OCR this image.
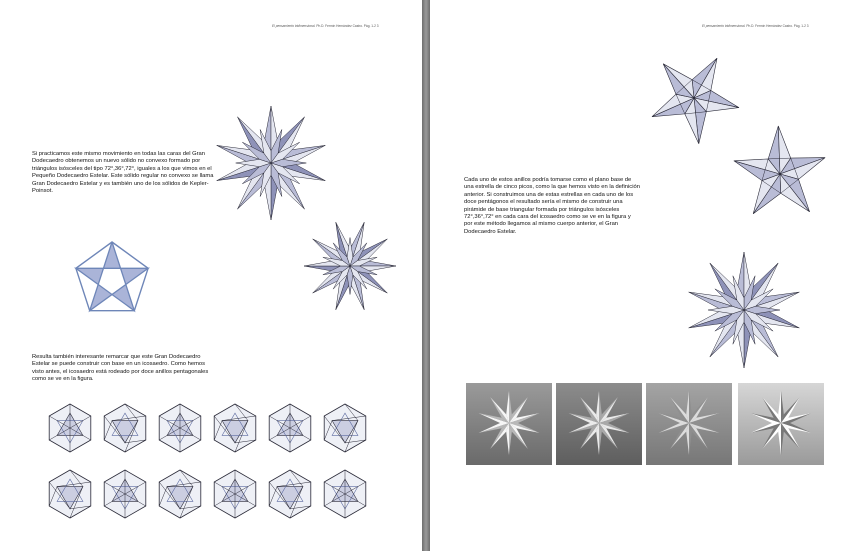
El pensamiento tridimensional. Ph.D. Fermín Hernández Castro. Pág. 1-2 3

Si practicamos este mismo movimiento en todas las caras del Gran Dodecaedro obtenemos un nuevo sólido no convexo formado por triángulos isósceles del tipo 72°,36°,72°, iguales a los que vimos en el Pequeño Dodecaedro Estelar. Este sólido regular no convexo se llama Gran Dodecaedro Estelar y es también uno de los sólidos de Kepler-Poinsot.

Resulta también interesante remarcar que este Gran Dodecaedro Estelar se puede construir con base en un icosaedro. Como hemos visto antes, el icosaedro está rodeado por doce anillos pentagonales como se ve en la figura.

El pensamiento tridimensional. Ph.D. Fermín Hernández Castro. Pág. 1-2 3

Cada uno de estos anillos podría tomarse como el plano base de una estrella de cinco picos, como la que hemos visto en la definición anterior. Si construimos una de estas estrellas en cada uno de los doce pentágonos el resultado sería el mismo de construir una pirámide de base triangular formada por triángulos isósceles 72°,36°,72° en cada cara del icosaedro como se ve en la figura y por este método llegamos al mismo cuerpo anterior, el Gran Dodecaedro Estelar.
